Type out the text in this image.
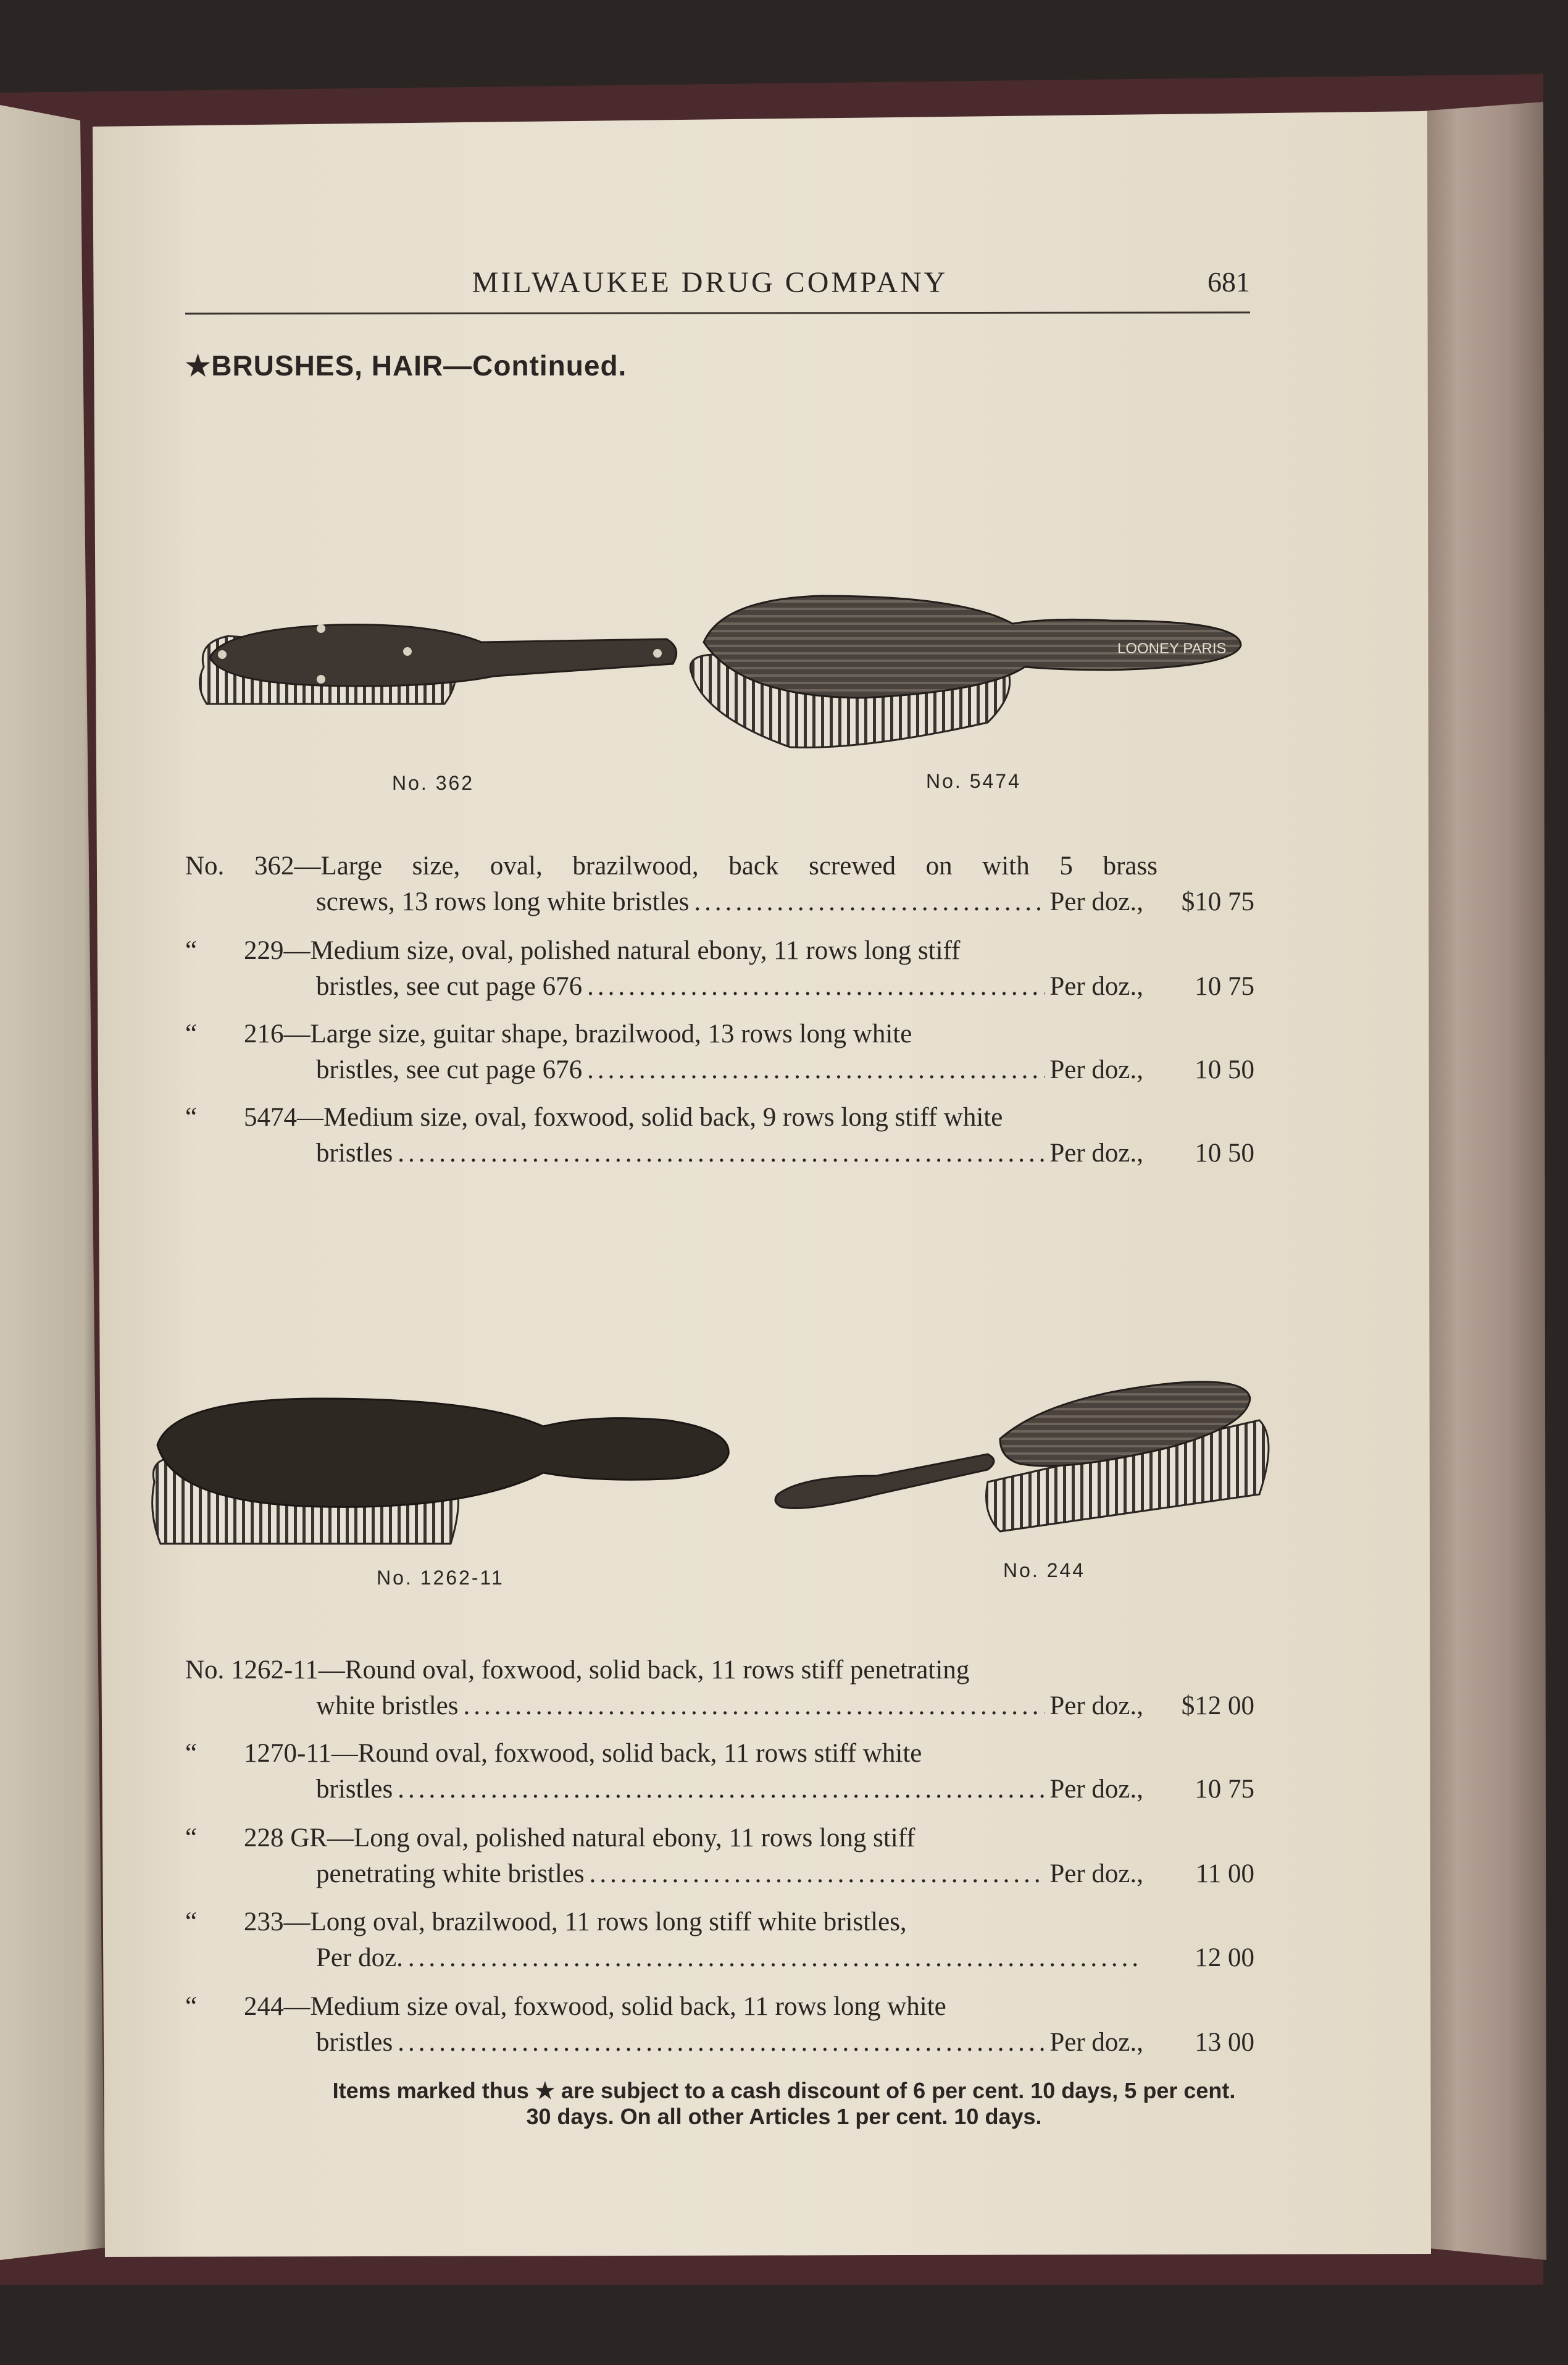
LOONEY PARIS
MILWAUKEE DRUG COMPANY	681
★BRUSHES, HAIR—Continued.
No. 362	No. 5474
No. 362—Large size, oval, brazilwood, back screwed on with 5 brass
screws, 13 rows long white bristles .....	Per doz.,	$10 75
“ 229—Medium size, oval, polished natural ebony, 11 rows long stiff
bristles, see cut page 676 .....	Per doz.,	10 75
“ 216—Large size, guitar shape, brazilwood, 13 rows long white
bristles, see cut page 676 .....	Per doz.,	10 50
“ 5474—Medium size, oval, foxwood, solid back, 9 rows long stiff white
bristles .....	Per doz.,	10 50
No. 1262-11	No. 244
No. 1262-11—Round oval, foxwood, solid back, 11 rows stiff penetrating
white bristles .....	Per doz.,	$12 00
“ 1270-11—Round oval, foxwood, solid back, 11 rows stiff white
bristles .....	Per doz.,	10 75
“ 228 GR—Long oval, polished natural ebony, 11 rows long stiff
penetrating white bristles .....	Per doz.,	11 00
“ 233—Long oval, brazilwood, 11 rows long stiff white bristles,
Per doz. .....	12 00
“ 244—Medium size oval, foxwood, solid back, 11 rows long white
bristles .....	Per doz.,	13 00
Items marked thus ★ are subject to a cash discount of 6 per cent. 10 days, 5 per cent.
30 days. On all other Articles 1 per cent. 10 days.
